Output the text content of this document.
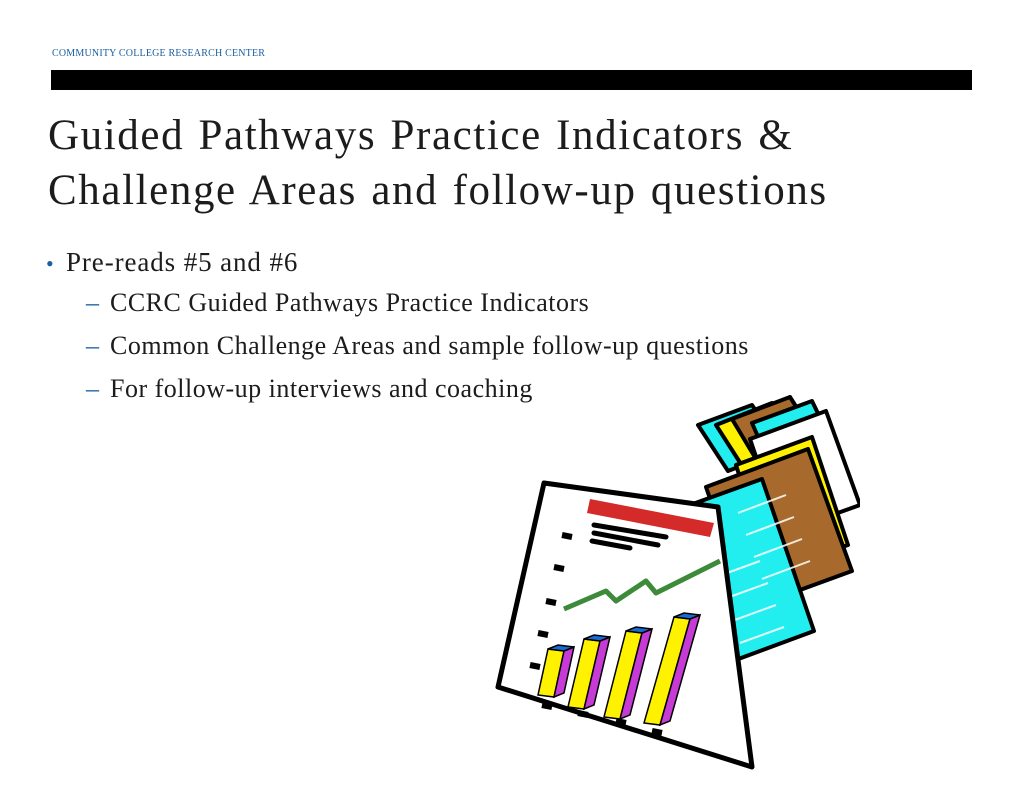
COMMUNITY COLLEGE RESEARCH CENTER
Guided Pathways Practice Indicators &
Challenge Areas and follow-up questions
• Pre-reads #5 and #6
– CCRC Guided Pathways Practice Indicators
– Common Challenge Areas and sample follow-up questions
– For follow-up interviews and coaching
